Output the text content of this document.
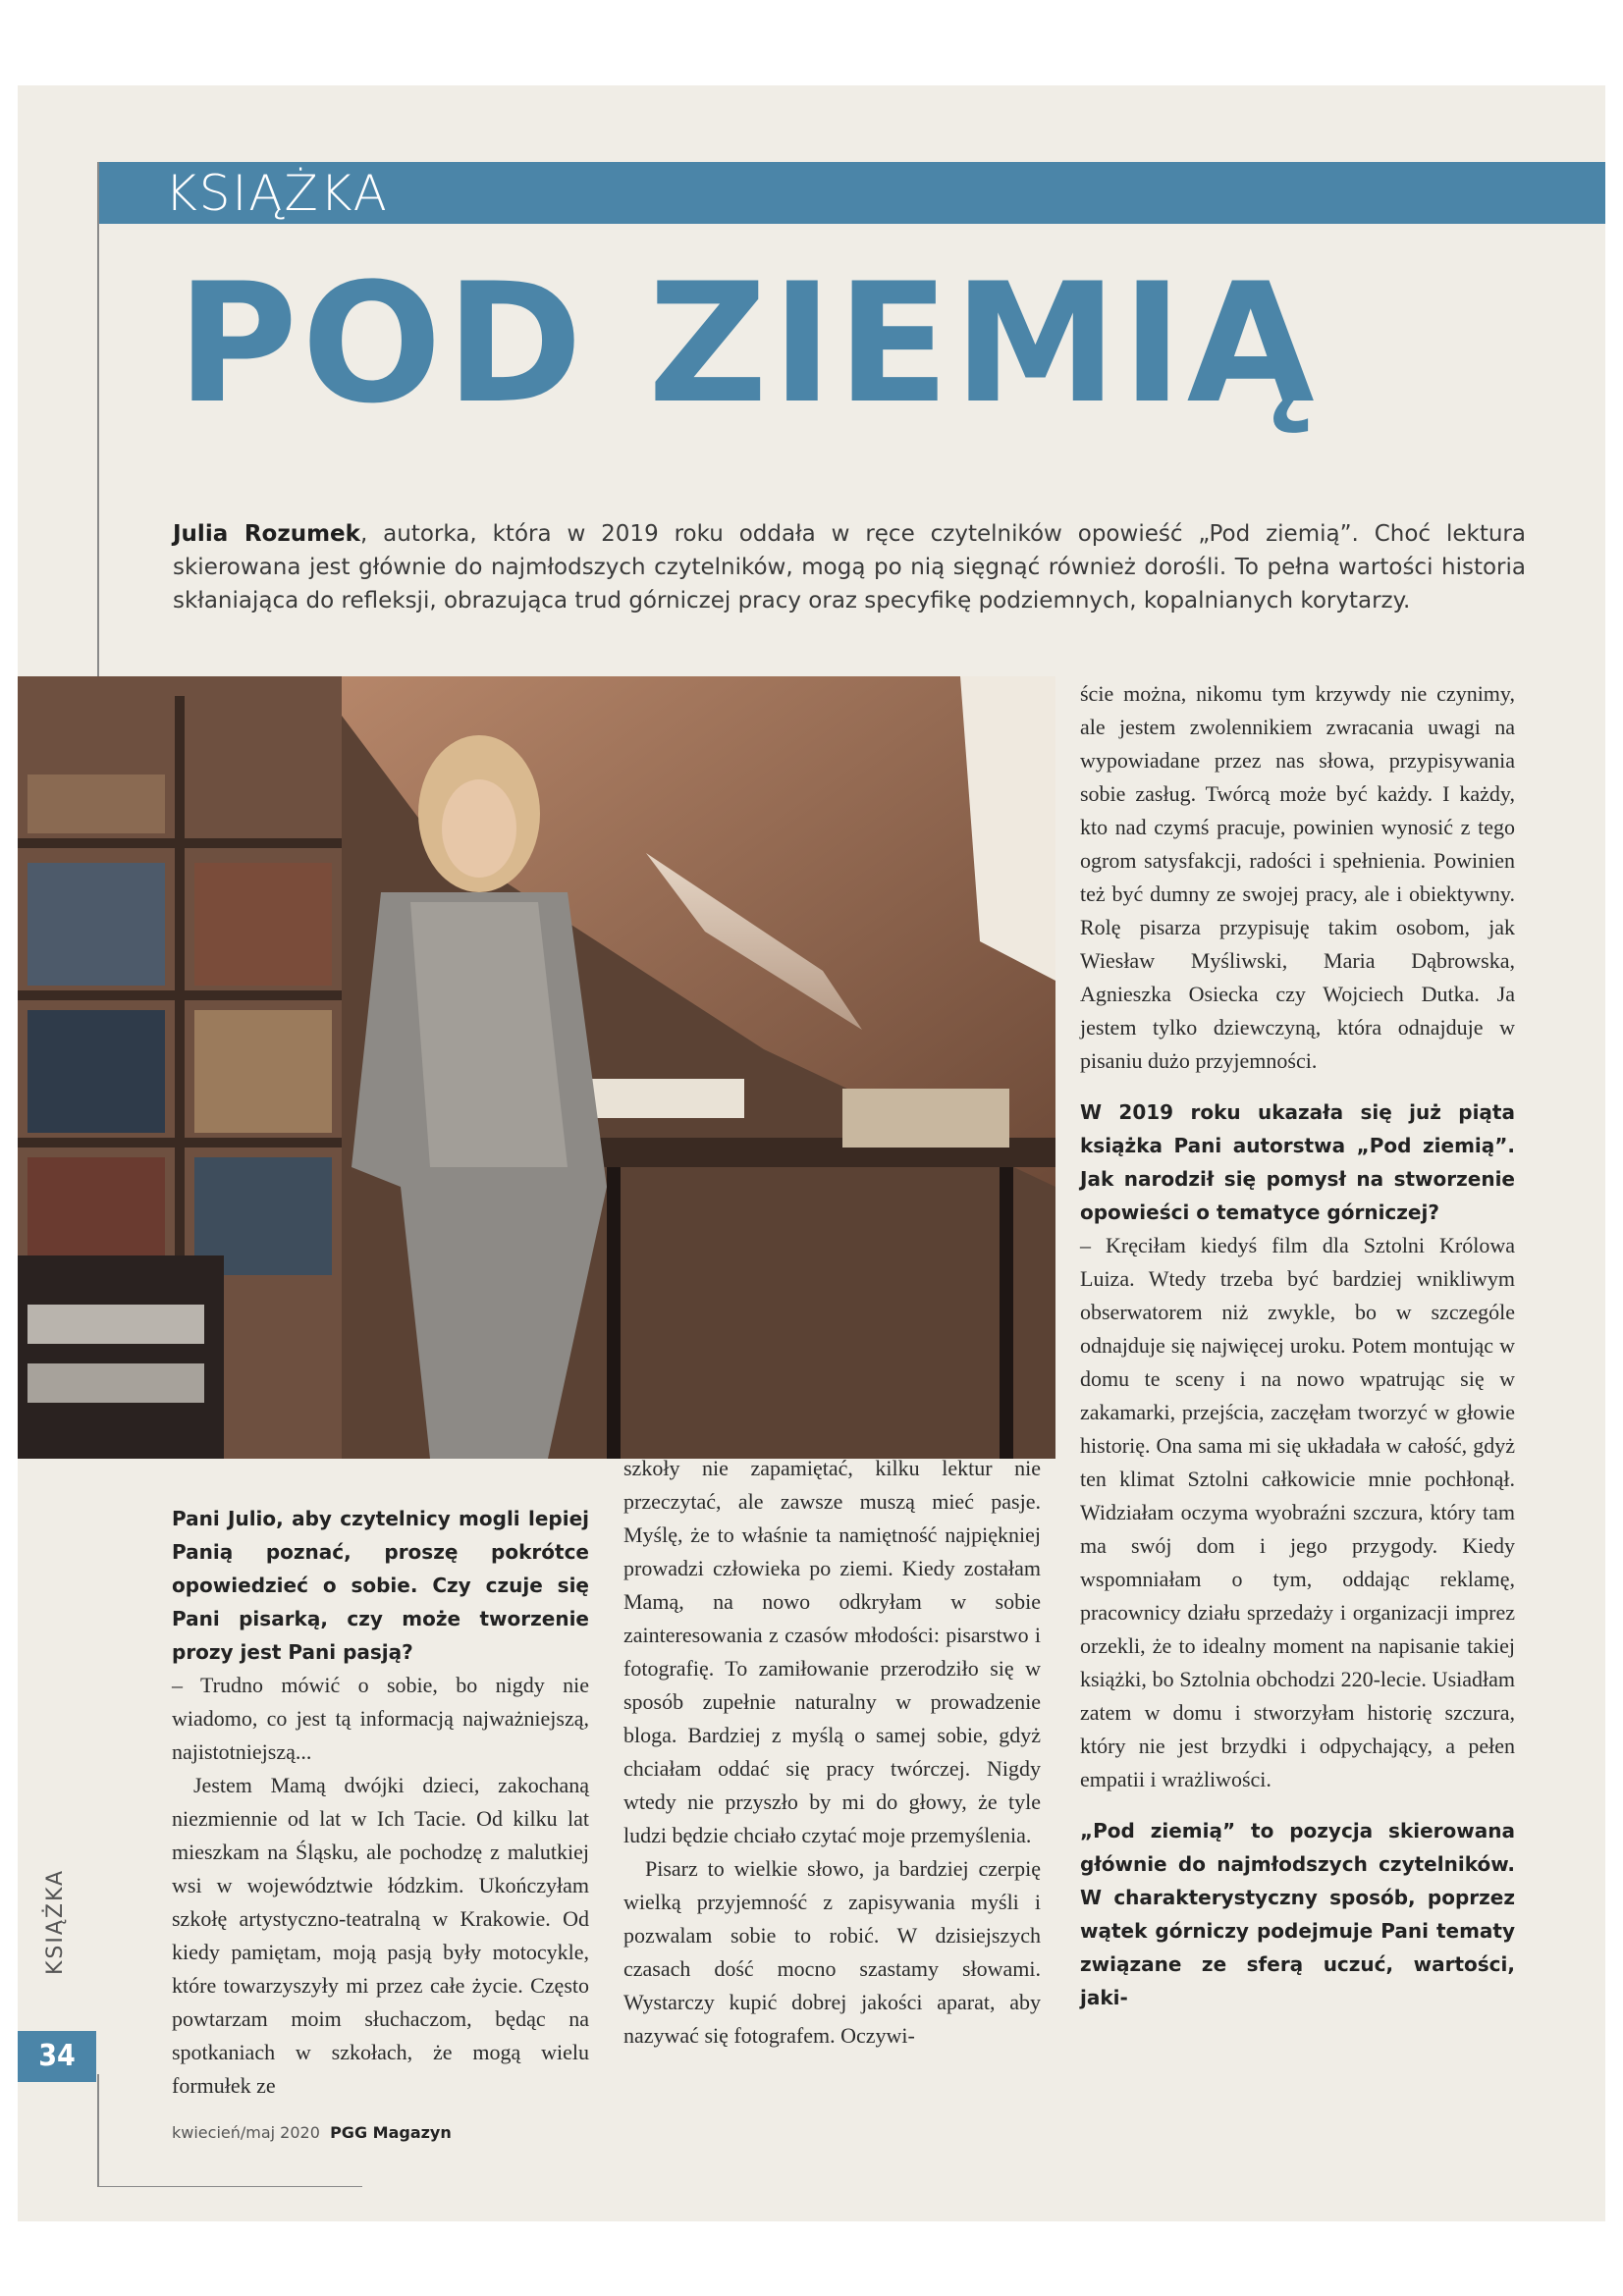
KSIĄŻKA
POD ZIEMIĄ
Julia Rozumek, autorka, która w 2019 roku oddała w ręce czytelników opowieść „Pod ziemią”. Choć lektura skierowana jest głównie do najmłodszych czytelników, mogą po nią sięgnąć również dorośli. To pełna wartości historia skłaniająca do refleksji, obrazująca trud górniczej pracy oraz specyfikę podziemnych, kopalnianych korytarzy.

Pani Julio, aby czytelnicy mogli lepiej Panią poznać, proszę pokrótce opowiedzieć o sobie. Czy czuje się Pani pisarką, czy może tworzenie prozy jest Pani pasją?

– Trudno mówić o sobie, bo nigdy nie wiadomo, co jest tą informacją najważniejszą, najistotniejszą...

Jestem Mamą dwójki dzieci, zakochaną niezmiennie od lat w Ich Tacie. Od kilku lat mieszkam na Śląsku, ale pochodzę z malutkiej wsi w województwie łódzkim. Ukończyłam szkołę artystyczno-teatralną w Krakowie. Od kiedy pamiętam, moją pasją były motocykle, które towarzyszyły mi przez całe życie. Często powtarzam moim słuchaczom, będąc na spotkaniach w szkołach, że mogą wielu formułek ze

szkoły nie zapamiętać, kilku lektur nie przeczytać, ale zawsze muszą mieć pasje. Myślę, że to właśnie ta namiętność najpiękniej prowadzi człowieka po ziemi. Kiedy zostałam Mamą, na nowo odkryłam w sobie zainteresowania z czasów młodości: pisarstwo i fotografię. To zamiłowanie przerodziło się w sposób zupełnie naturalny w prowadzenie bloga. Bardziej z myślą o samej sobie, gdyż chciałam oddać się pracy twórczej. Nigdy wtedy nie przyszło by mi do głowy, że tyle ludzi będzie chciało czytać moje przemyślenia.

Pisarz to wielkie słowo, ja bardziej czerpię wielką przyjemność z zapisywania myśli i pozwalam sobie to robić. W dzisiejszych czasach dość mocno szastamy słowami. Wystarczy kupić dobrej jakości aparat, aby nazywać się fotografem. Oczywi-

ście można, nikomu tym krzywdy nie czynimy, ale jestem zwolennikiem zwracania uwagi na wypowiadane przez nas słowa, przypisywania sobie zasług. Twórcą może być każdy. I każdy, kto nad czymś pracuje, powinien wynosić z tego ogrom satysfakcji, radości i spełnienia. Powinien też być dumny ze swojej pracy, ale i obiektywny. Rolę pisarza przypisuję takim osobom, jak Wiesław Myśliwski, Maria Dąbrowska, Agnieszka Osiecka czy Wojciech Dutka. Ja jestem tylko dziewczyną, która odnajduje w pisaniu dużo przyjemności.

W 2019 roku ukazała się już piąta książka Pani autorstwa „Pod ziemią”. Jak narodził się pomysł na stworzenie opowieści o tematyce górniczej?

– Kręciłam kiedyś film dla Sztolni Królowa Luiza. Wtedy trzeba być bardziej wnikliwym obserwatorem niż zwykle, bo w szczególe odnajduje się najwięcej uroku. Potem montując w domu te sceny i na nowo wpatrując się w zakamarki, przejścia, zaczęłam tworzyć w głowie historię. Ona sama mi się układała w całość, gdyż ten klimat Sztolni całkowicie mnie pochłonął. Widziałam oczyma wyobraźni szczura, który tam ma swój dom i jego przygody. Kiedy wspomniałam o tym, oddając reklamę, pracownicy działu sprzedaży i organizacji imprez orzekli, że to idealny moment na napisanie takiej książki, bo Sztolnia obchodzi 220-lecie. Usiadłam zatem w domu i stworzyłam historię szczura, który nie jest brzydki i odpychający, a pełen empatii i wrażliwości.

„Pod ziemią” to pozycja skierowana głównie do najmłodszych czytelników. W charakterystyczny sposób, poprzez wątek górniczy podejmuje Pani tematy związane ze sferą uczuć, wartości, jaki-

KSIĄŻKA
34
kwiecień/maj 2020 PGG Magazyn
